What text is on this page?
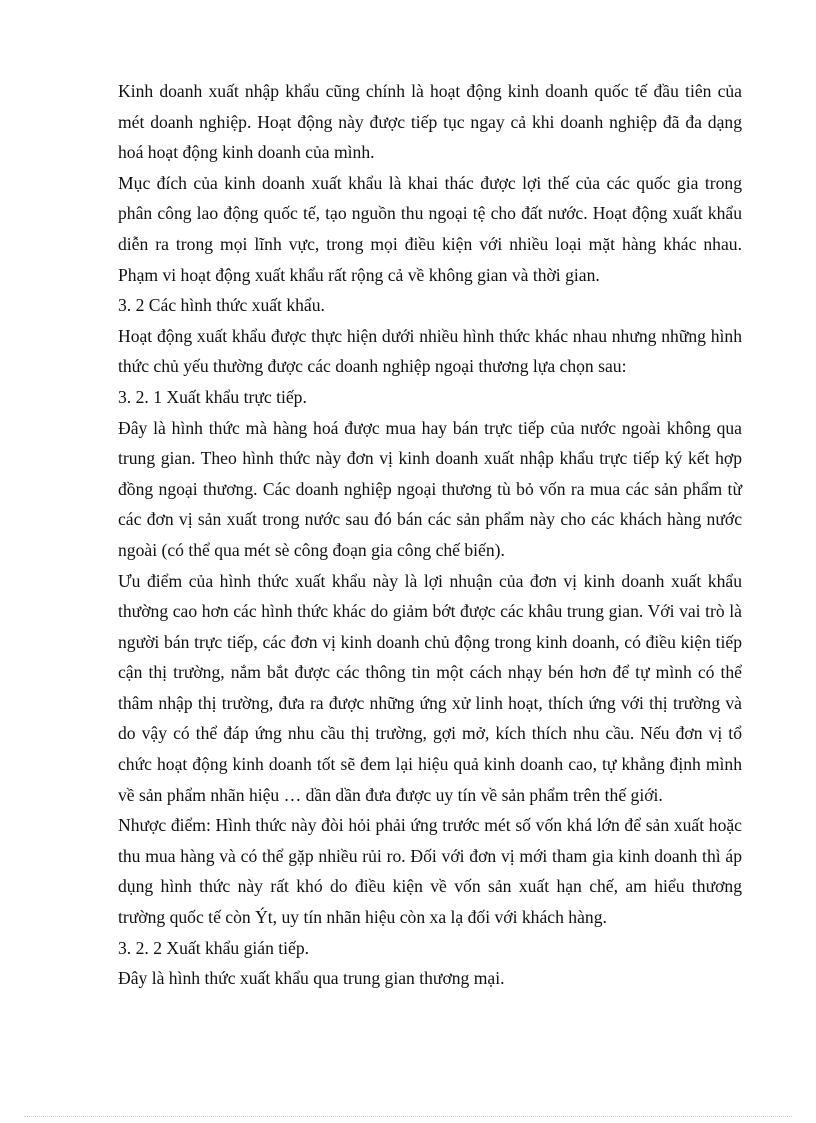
Kinh doanh xuất nhập khẩu cũng chính là hoạt động kinh doanh quốc tế đầu tiên của mét doanh nghiệp. Hoạt động này được tiếp tục ngay cả khi doanh nghiệp đã đa dạng hoá hoạt động kinh doanh của mình.

Mục đích của kinh doanh xuất khẩu là khai thác được lợi thế của các quốc gia trong phân công lao động quốc tế, tạo nguồn thu ngoại tệ cho đất nước. Hoạt động xuất khẩu diễn ra trong mọi lĩnh vực, trong mọi điều kiện với nhiều loại mặt hàng khác nhau. Phạm vi hoạt động xuất khẩu rất rộng cả về không gian và thời gian.

3. 2 Các hình thức xuất khẩu.

Hoạt động xuất khẩu được thực hiện dưới nhiều hình thức khác nhau nhưng những hình thức chủ yếu thường được các doanh nghiệp ngoại thương lựa chọn sau:

3. 2. 1 Xuất khẩu trực tiếp.

Đây là hình thức mà hàng hoá được mua hay bán trực tiếp của nước ngoài không qua trung gian. Theo hình thức này đơn vị kinh doanh xuất nhập khẩu trực tiếp ký kết hợp đồng ngoại thương. Các doanh nghiệp ngoại thương tù bỏ vốn ra mua các sản phẩm từ các đơn vị sản xuất trong nước sau đó bán các sản phẩm này cho các khách hàng nước ngoài (có thể qua mét sè công đoạn gia công chế biến).

Ưu điểm của hình thức xuất khẩu này là lợi nhuận của đơn vị kinh doanh xuất khẩu thường cao hơn các hình thức khác do giảm bớt được các khâu trung gian. Với vai trò là người bán trực tiếp, các đơn vị kinh doanh chủ động trong kinh doanh, có điều kiện tiếp cận thị trường, nắm bắt được các thông tin một cách nhạy bén hơn để tự mình có thể thâm nhập thị trường, đưa ra được những ứng xử linh hoạt, thích ứng với thị trường và do vậy có thể đáp ứng nhu cầu thị trường, gợi mở, kích thích nhu cầu. Nếu đơn vị tổ chức hoạt động kinh doanh tốt sẽ đem lại hiệu quả kinh doanh cao, tự khẳng định mình về sản phẩm nhãn hiệu … dần dần đưa được uy tín về sản phẩm trên thế giới.

Nhược điểm: Hình thức này đòi hỏi phải ứng trước mét số vốn khá lớn để sản xuất hoặc thu mua hàng và có thể gặp nhiều rủi ro. Đối với đơn vị mới tham gia kinh doanh thì áp dụng hình thức này rất khó do điều kiện về vốn sản xuất hạn chế, am hiểu thương trường quốc tế còn Ýt, uy tín nhãn hiệu còn xa lạ đối với khách hàng.

3. 2. 2 Xuất khẩu gián tiếp.

Đây là hình thức xuất khẩu qua trung gian thương mại.
